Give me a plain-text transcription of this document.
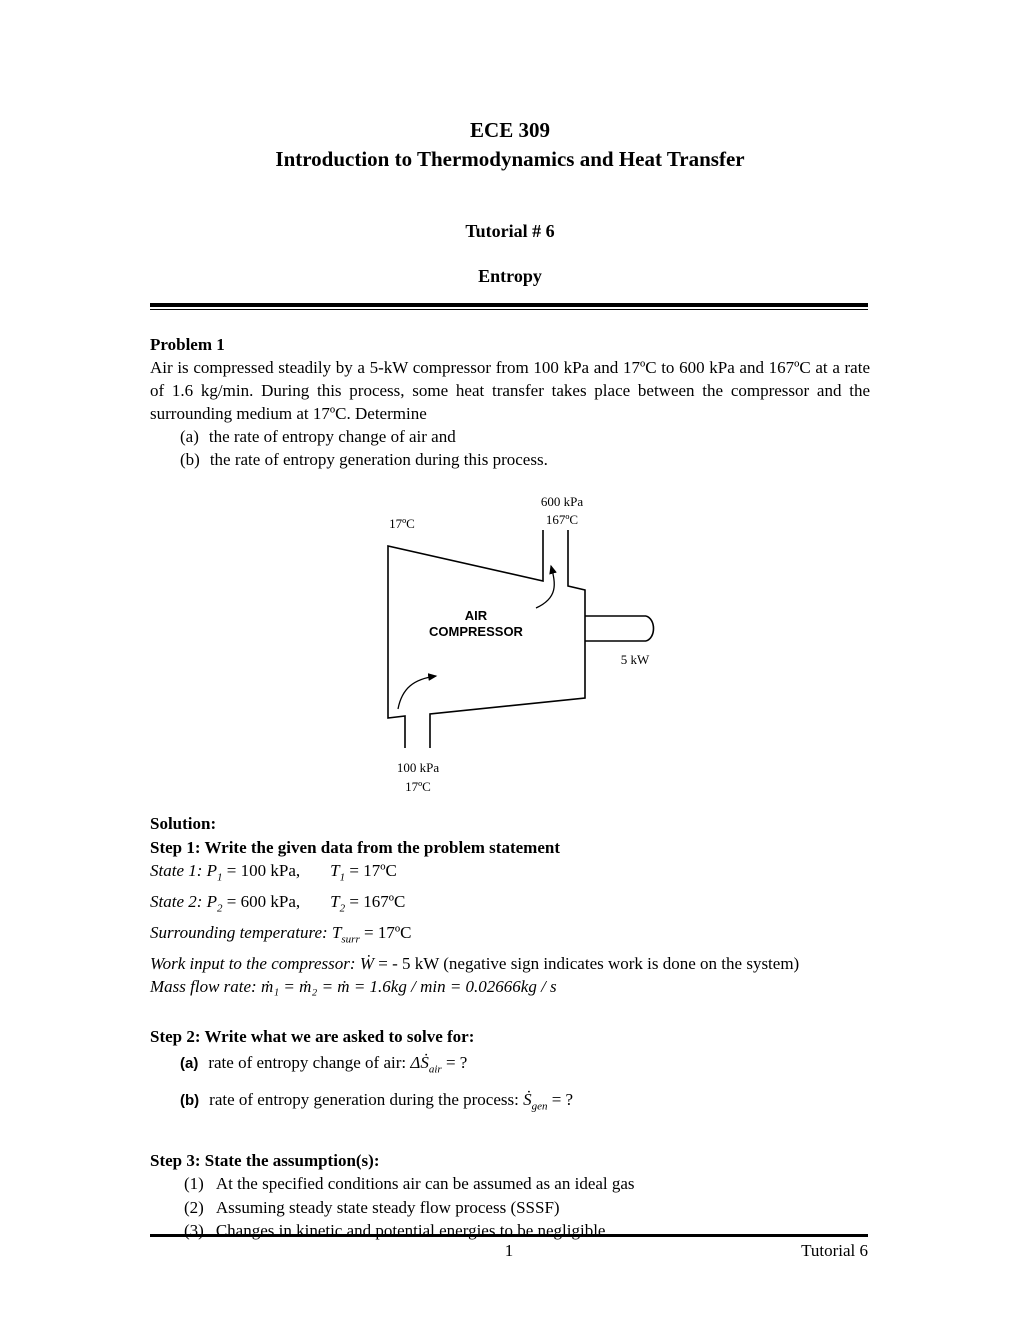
ECE 309
Introduction to Thermodynamics and Heat Transfer
Tutorial # 6
Entropy
Problem 1

Air is compressed steadily by a 5-kW compressor from 100 kPa and 17ºC to 600 kPa and 167ºC at a rate of 1.6 kg/min. During this process, some heat transfer takes place between the compressor and the surrounding medium at 17ºC. Determine

(a) the rate of entropy change of air and
(b) the rate of entropy generation during this process.
600 kPa
167ºC
17ºC
AIR
COMPRESSOR
5 kW
100 kPa
17ºC
Solution:
Step 1: Write the given data from the problem statement
State 1: $P_1 = 100$ kPa, $T_1$ = 17ºC
State 2: $P_2 = 600$ kPa, $T_2$ = 167ºC
Surrounding temperature: $T_{surr}$ = 17ºC
Work input to the compressor: Ẇ = - 5 kW (negative sign indicates work is done on the system)
Mass flow rate: ṁ₁ = ṁ₂ = ṁ = 1.6kg / min = 0.02666kg / s
Step 2: Write what we are asked to solve for:
(a) rate of entropy change of air: ΔṠ$_{air}$ = ?
(b) rate of entropy generation during the process: Ṡ$_{gen}$ = ?
Step 3: State the assumption(s):
(1) At the specified conditions air can be assumed as an ideal gas
(2) Assuming steady state steady flow process (SSSF)
(3) Changes in kinetic and potential energies to be negligible
1	Tutorial 6
